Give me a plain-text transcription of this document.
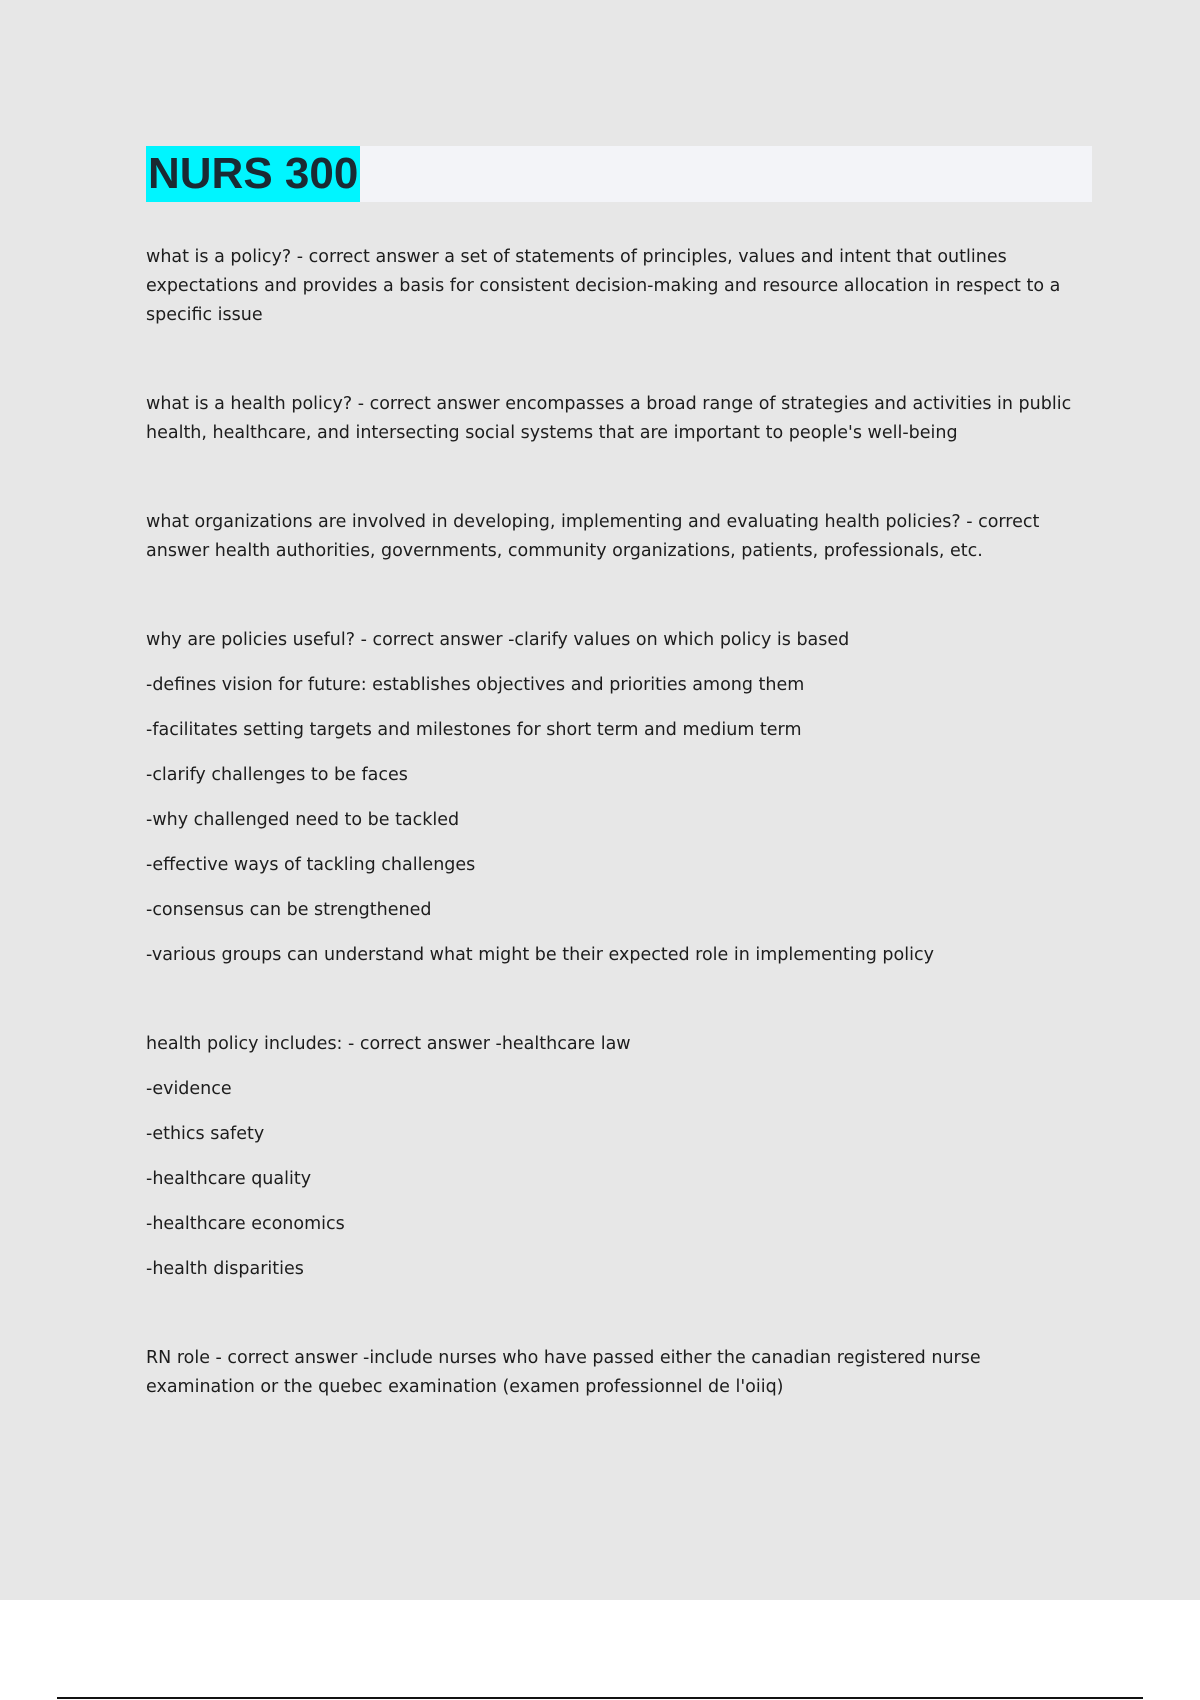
NURS 300

what is a policy? - correct answer a set of statements of principles, values and intent that outlines expectations and provides a basis for consistent decision-making and resource allocation in respect to a specific issue

what is a health policy? - correct answer encompasses a broad range of strategies and activities in public health, healthcare, and intersecting social systems that are important to people's well-being

what organizations are involved in developing, implementing and evaluating health policies? - correct answer health authorities, governments, community organizations, patients, professionals, etc.

why are policies useful? - correct answer -clarify values on which policy is based

-defines vision for future: establishes objectives and priorities among them

-facilitates setting targets and milestones for short term and medium term

-clarify challenges to be faces

-why challenged need to be tackled

-effective ways of tackling challenges

-consensus can be strengthened

-various groups can understand what might be their expected role in implementing policy

health policy includes: - correct answer -healthcare law

-evidence

-ethics safety

-healthcare quality

-healthcare economics

-health disparities

RN role - correct answer -include nurses who have passed either the canadian registered nurse examination or the quebec examination (examen professionnel de l'oiiq)
